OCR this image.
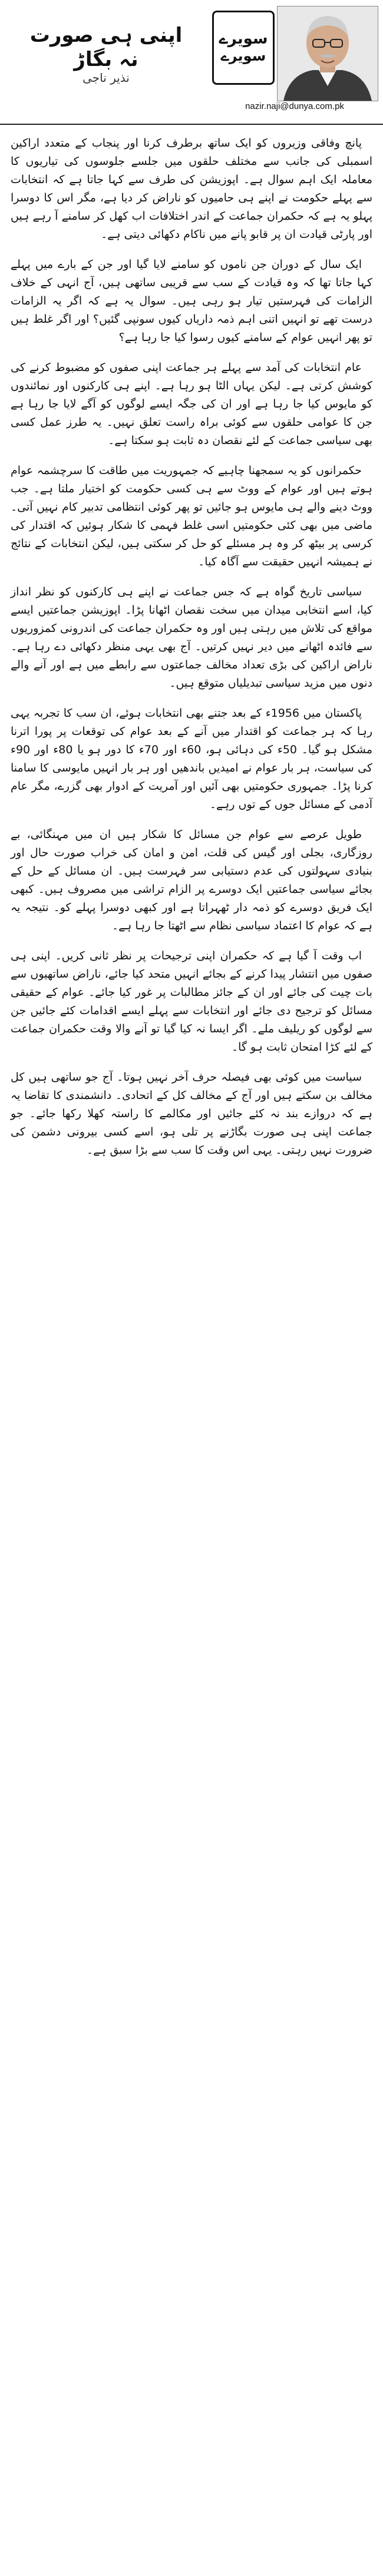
اپنی ہی صورت نہ بگاڑ
نذیر ناجی
سویرے
سویرے
nazir.naji@dunya.com.pk

پانچ وفاقی وزیروں کو ایک ساتھ برطرف کرنا اور پنجاب کے متعدد اراکین اسمبلی کی جانب سے مختلف حلقوں میں جلسے جلوسوں کی تیاریوں کا معاملہ ایک اہم سوال ہے۔ اپوزیشن کی طرف سے کہا جاتا ہے کہ انتخابات سے پہلے حکومت نے اپنے ہی حامیوں کو ناراض کر دیا ہے، مگر اس کا دوسرا پہلو یہ ہے کہ حکمران جماعت کے اندر اختلافات اب کھل کر سامنے آ رہے ہیں اور پارٹی قیادت ان پر قابو پانے میں ناکام دکھائی دیتی ہے۔

ایک سال کے دوران جن ناموں کو سامنے لایا گیا اور جن کے بارے میں پہلے کہا جاتا تھا کہ وہ قیادت کے سب سے قریبی ساتھی ہیں، آج انہی کے خلاف الزامات کی فہرستیں تیار ہو رہی ہیں۔ سوال یہ ہے کہ اگر یہ الزامات درست تھے تو انہیں اتنی اہم ذمہ داریاں کیوں سونپی گئیں؟ اور اگر غلط ہیں تو پھر انہیں عوام کے سامنے کیوں رسوا کیا جا رہا ہے؟

عام انتخابات کی آمد سے پہلے ہر جماعت اپنی صفوں کو مضبوط کرنے کی کوشش کرتی ہے۔ لیکن یہاں الٹا ہو رہا ہے۔ اپنے ہی کارکنوں اور نمائندوں کو مایوس کیا جا رہا ہے اور ان کی جگہ ایسے لوگوں کو آگے لایا جا رہا ہے جن کا عوامی حلقوں سے کوئی براہ راست تعلق نہیں۔ یہ طرز عمل کسی بھی سیاسی جماعت کے لئے نقصان دہ ثابت ہو سکتا ہے۔

حکمرانوں کو یہ سمجھنا چاہیے کہ جمہوریت میں طاقت کا سرچشمہ عوام ہوتے ہیں اور عوام کے ووٹ سے ہی کسی حکومت کو اختیار ملتا ہے۔ جب ووٹ دینے والے ہی مایوس ہو جائیں تو پھر کوئی انتظامی تدبیر کام نہیں آتی۔ ماضی میں بھی کئی حکومتیں اسی غلط فہمی کا شکار ہوئیں کہ اقتدار کی کرسی پر بیٹھ کر وہ ہر مسئلے کو حل کر سکتی ہیں، لیکن انتخابات کے نتائج نے ہمیشہ انہیں حقیقت سے آگاہ کیا۔

سیاسی تاریخ گواہ ہے کہ جس جماعت نے اپنے ہی کارکنوں کو نظر انداز کیا، اسے انتخابی میدان میں سخت نقصان اٹھانا پڑا۔ اپوزیشن جماعتیں ایسے مواقع کی تلاش میں رہتی ہیں اور وہ حکمران جماعت کی اندرونی کمزوریوں سے فائدہ اٹھانے میں دیر نہیں کرتیں۔ آج بھی یہی منظر دکھائی دے رہا ہے۔ ناراض اراکین کی بڑی تعداد مخالف جماعتوں سے رابطے میں ہے اور آنے والے دنوں میں مزید سیاسی تبدیلیاں متوقع ہیں۔

پاکستان میں 1956ء کے بعد جتنے بھی انتخابات ہوئے، ان سب کا تجربہ یہی رہا کہ ہر جماعت کو اقتدار میں آنے کے بعد عوام کی توقعات پر پورا اترنا مشکل ہو گیا۔ 50ء کی دہائی ہو، 60ء اور 70ء کا دور ہو یا 80ء اور 90ء کی سیاست، ہر بار عوام نے امیدیں باندھیں اور ہر بار انہیں مایوسی کا سامنا کرنا پڑا۔ جمہوری حکومتیں بھی آئیں اور آمریت کے ادوار بھی گزرے، مگر عام آدمی کے مسائل جوں کے توں رہے۔

طویل عرصے سے عوام جن مسائل کا شکار ہیں ان میں مہنگائی، بے روزگاری، بجلی اور گیس کی قلت، امن و امان کی خراب صورت حال اور بنیادی سہولتوں کی عدم دستیابی سر فہرست ہیں۔ ان مسائل کے حل کے بجائے سیاسی جماعتیں ایک دوسرے پر الزام تراشی میں مصروف ہیں۔ کبھی ایک فریق دوسرے کو ذمہ دار ٹھہراتا ہے اور کبھی دوسرا پہلے کو۔ نتیجہ یہ ہے کہ عوام کا اعتماد سیاسی نظام سے اٹھتا جا رہا ہے۔

اب وقت آ گیا ہے کہ حکمران اپنی ترجیحات پر نظر ثانی کریں۔ اپنی ہی صفوں میں انتشار پیدا کرنے کے بجائے انہیں متحد کیا جائے، ناراض ساتھیوں سے بات چیت کی جائے اور ان کے جائز مطالبات پر غور کیا جائے۔ عوام کے حقیقی مسائل کو ترجیح دی جائے اور انتخابات سے پہلے ایسے اقدامات کئے جائیں جن سے لوگوں کو ریلیف ملے۔ اگر ایسا نہ کیا گیا تو آنے والا وقت حکمران جماعت کے لئے کڑا امتحان ثابت ہو گا۔

سیاست میں کوئی بھی فیصلہ حرف آخر نہیں ہوتا۔ آج جو ساتھی ہیں کل مخالف بن سکتے ہیں اور آج کے مخالف کل کے اتحادی۔ دانشمندی کا تقاضا یہ ہے کہ دروازے بند نہ کئے جائیں اور مکالمے کا راستہ کھلا رکھا جائے۔ جو جماعت اپنی ہی صورت بگاڑنے پر تلی ہو، اسے کسی بیرونی دشمن کی ضرورت نہیں رہتی۔ یہی اس وقت کا سب سے بڑا سبق ہے۔
